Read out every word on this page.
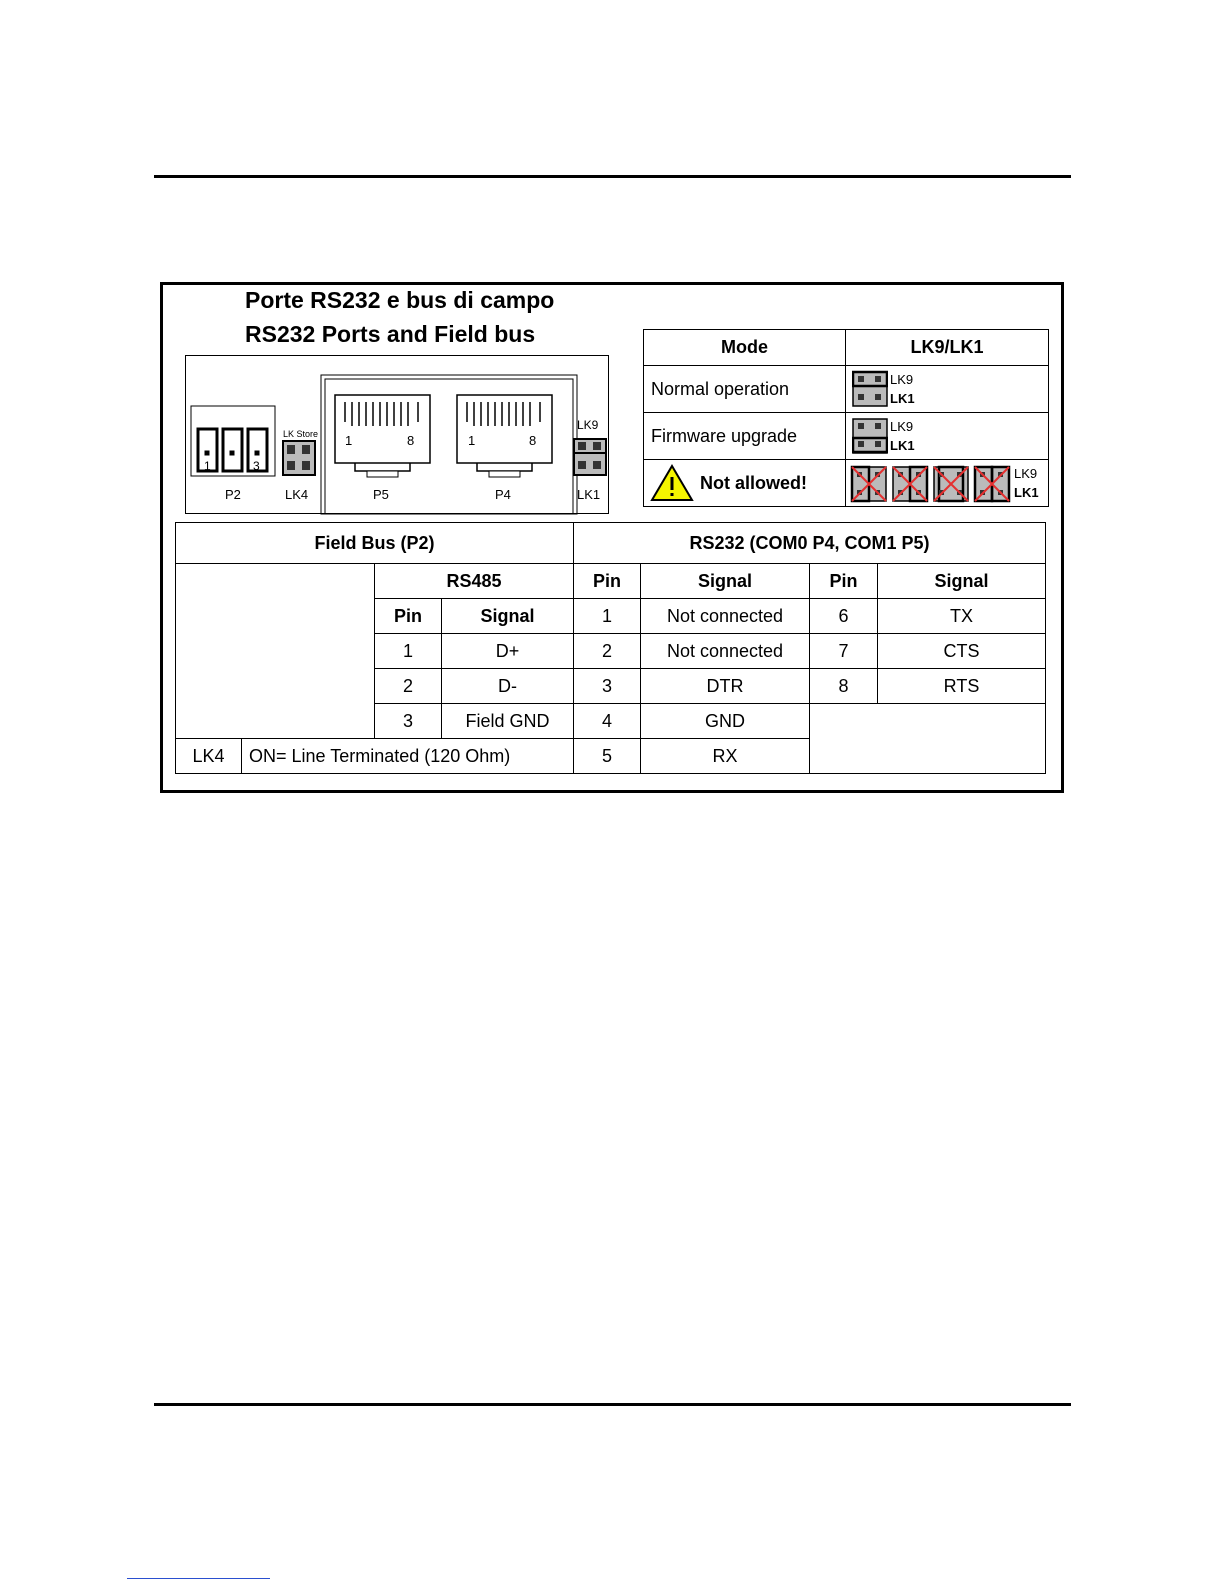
Porte RS232 e bus di campo
RS232 Ports and Field bus
1	3
LK Store 1	8	1	8
LK9
P2	LK4	P5	P4	LK1
Mode	LK9/LK1
Normal operation	LK9
LK1

Firmware upgrade	LK9
LK1

Not allowed!	LK9
LK1
Field Bus (P2)				RS232 (COM0 P4, COM1 P5)			
		RS485		Pin	Signal	Pin	Signal
		Pin	Signal	1	Not connected	6	TX
		1	D+	2	Not connected	7	CTS
		2	D-	3	DTR	8	RTS
		3	Field GND	4	GND		
LK4	ON= Line Terminated (120 Ohm)			5	RX		
